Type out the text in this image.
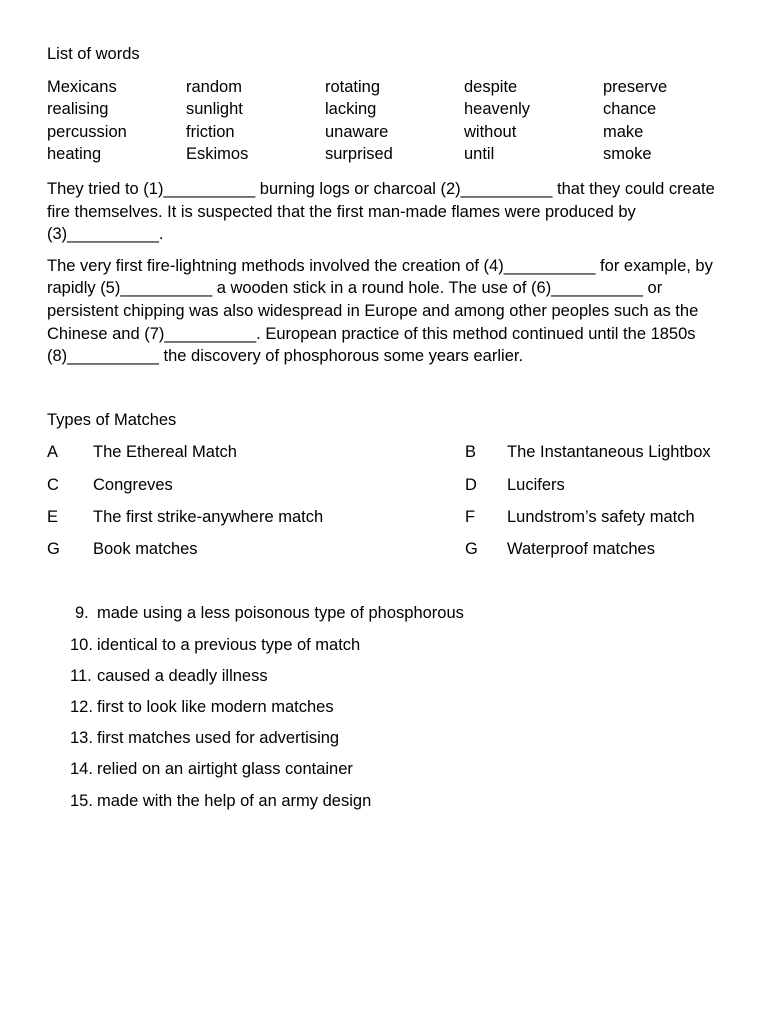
List of words
Mexicans	random	rotating	despite	preserve
realising	sunlight	lacking	heavenly	chance
percussion	friction	unaware	without	make
heating	Eskimos	surprised	until	smoke

They tried to (1)__________ burning logs or charcoal (2)__________ that they could create fire themselves. It is suspected that the first man-made flames were produced by (3)__________.

The very first fire-lightning methods involved the creation of (4)__________ for example, by rapidly (5)__________ a wooden stick in a round hole. The use of (6)__________ or persistent chipping was also widespread in Europe and among other peoples such as the Chinese and (7)__________. European practice of this method continued until the 1850s (8)__________ the discovery of phosphorous some years earlier.

Types of Matches
A	The Ethereal Match	B	The Instantaneous Lightbox
C	Congreves	D	Lucifers
E	The first strike-anywhere match	F	Lundstrom’s safety match
G	Book matches	G	Waterproof matches
9. made using a less poisonous type of phosphorous
10. identical to a previous type of match
11. caused a deadly illness
12. first to look like modern matches
13. first matches used for advertising
14. relied on an airtight glass container
15. made with the help of an army design
